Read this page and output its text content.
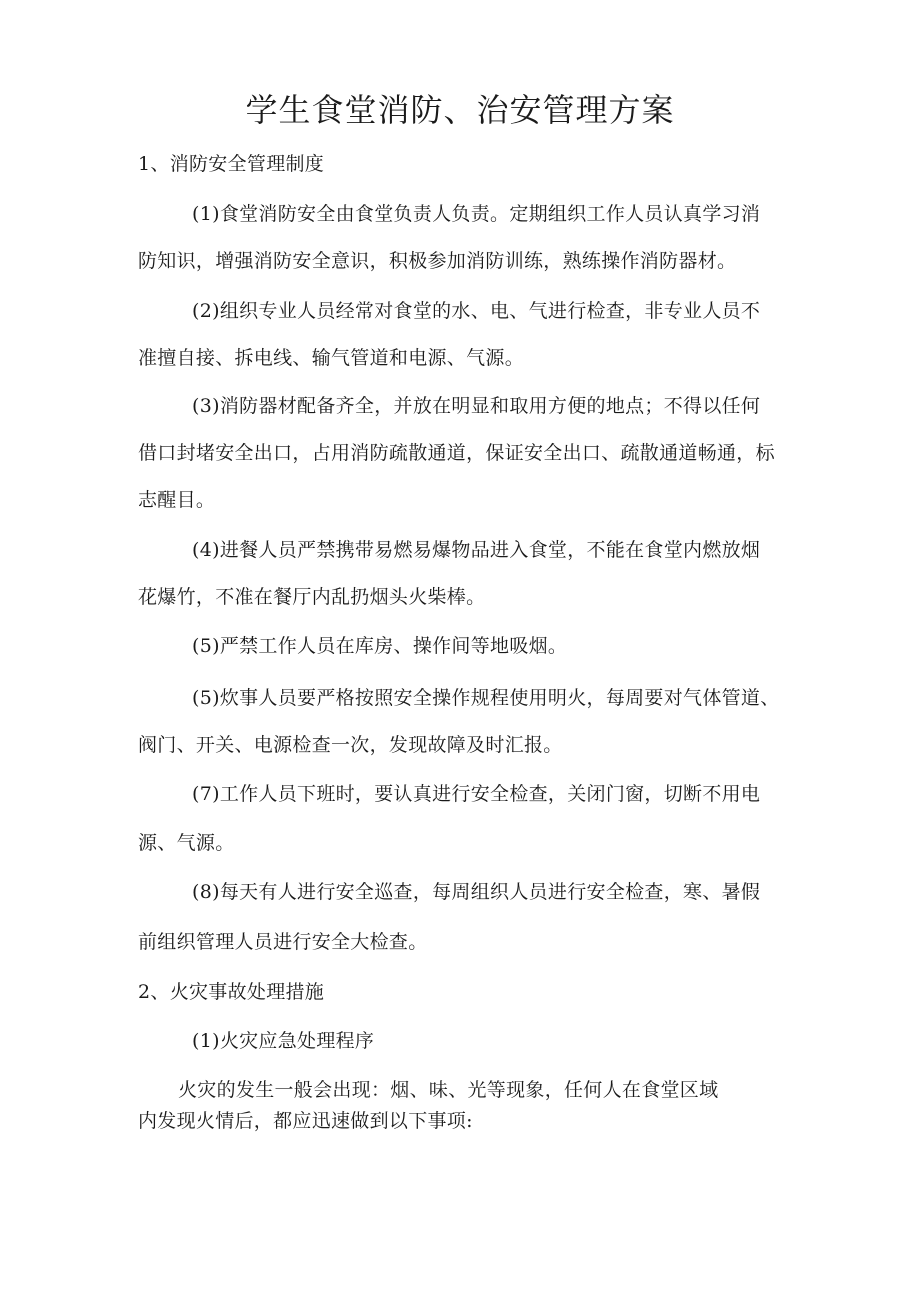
学生食堂消防、治安管理方案
1、消防安全管理制度
(1)食堂消防安全由食堂负责人负责。定期组织工作人员认真学习消
防知识，增强消防安全意识，积极参加消防训练，熟练操作消防器材。
(2)组织专业人员经常对食堂的水、电、气进行检查，非专业人员不
准擅自接、拆电线、输气管道和电源、气源。
(3)消防器材配备齐全，并放在明显和取用方便的地点；不得以任何
借口封堵安全出口，占用消防疏散通道，保证安全出口、疏散通道畅通，标
志醒目。
(4)进餐人员严禁携带易燃易爆物品进入食堂，不能在食堂内燃放烟
花爆竹，不准在餐厅内乱扔烟头火柴棒。
(5)严禁工作人员在库房、操作间等地吸烟。
(5)炊事人员要严格按照安全操作规程使用明火，每周要对气体管道、
阀门、开关、电源检查一次，发现故障及时汇报。
(7)工作人员下班时，要认真进行安全检查，关闭门窗，切断不用电
源、气源。
(8)每天有人进行安全巡查，每周组织人员进行安全检查，寒、暑假
前组织管理人员进行安全大检查。
2、火灾事故处理措施
(1)火灾应急处理程序
火灾的发生一般会出现：烟、味、光等现象，任何人在食堂区域
内发现火情后，都应迅速做到以下事项:
